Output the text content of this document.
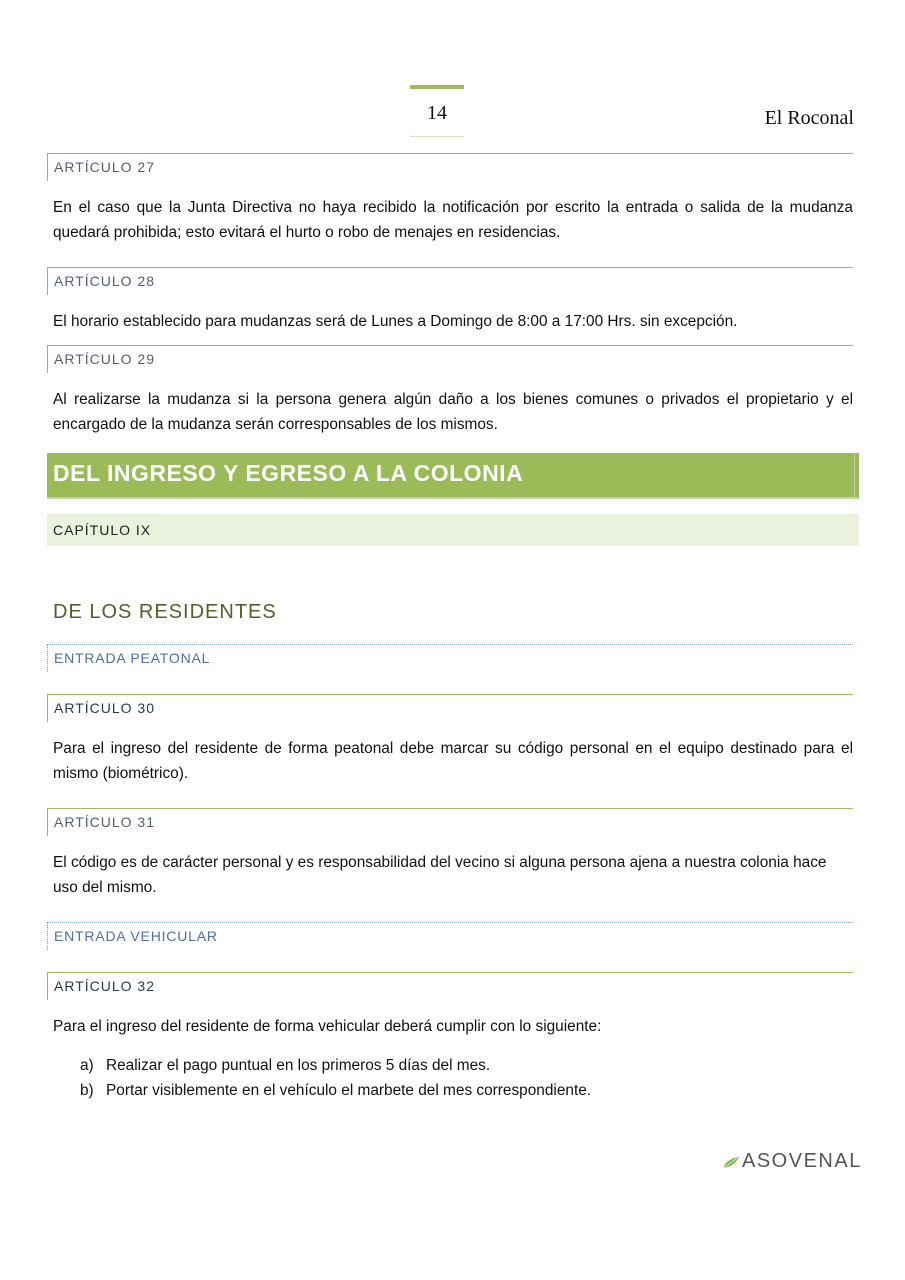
14	El Roconal
ARTÍCULO 27
En el caso que la Junta Directiva no haya recibido la notificación por escrito la entrada o salida de la mudanza quedará prohibida; esto evitará el hurto o robo de menajes en residencias.
ARTÍCULO 28
El horario establecido para mudanzas será de Lunes a Domingo de 8:00 a 17:00 Hrs. sin excepción.
ARTÍCULO 29
Al realizarse la mudanza si la persona genera algún daño a los bienes comunes o privados el propietario y el encargado de la mudanza serán corresponsables de los mismos.
DEL INGRESO Y EGRESO A LA COLONIA
CAPÍTULO IX
DE LOS RESIDENTES
ENTRADA PEATONAL
ARTÍCULO 30
Para el ingreso del residente de forma peatonal debe marcar su código personal en el equipo destinado para el mismo (biométrico).
ARTÍCULO 31
El código es de carácter personal y es responsabilidad del vecino si alguna persona ajena a nuestra colonia hace uso del mismo.
ENTRADA VEHICULAR
ARTÍCULO 32
Para el ingreso del residente de forma vehicular deberá cumplir con lo siguiente:
a) Realizar el pago puntual en los primeros 5 días del mes.
b) Portar visiblemente en el vehículo el marbete del mes correspondiente.
ASOVENAL
